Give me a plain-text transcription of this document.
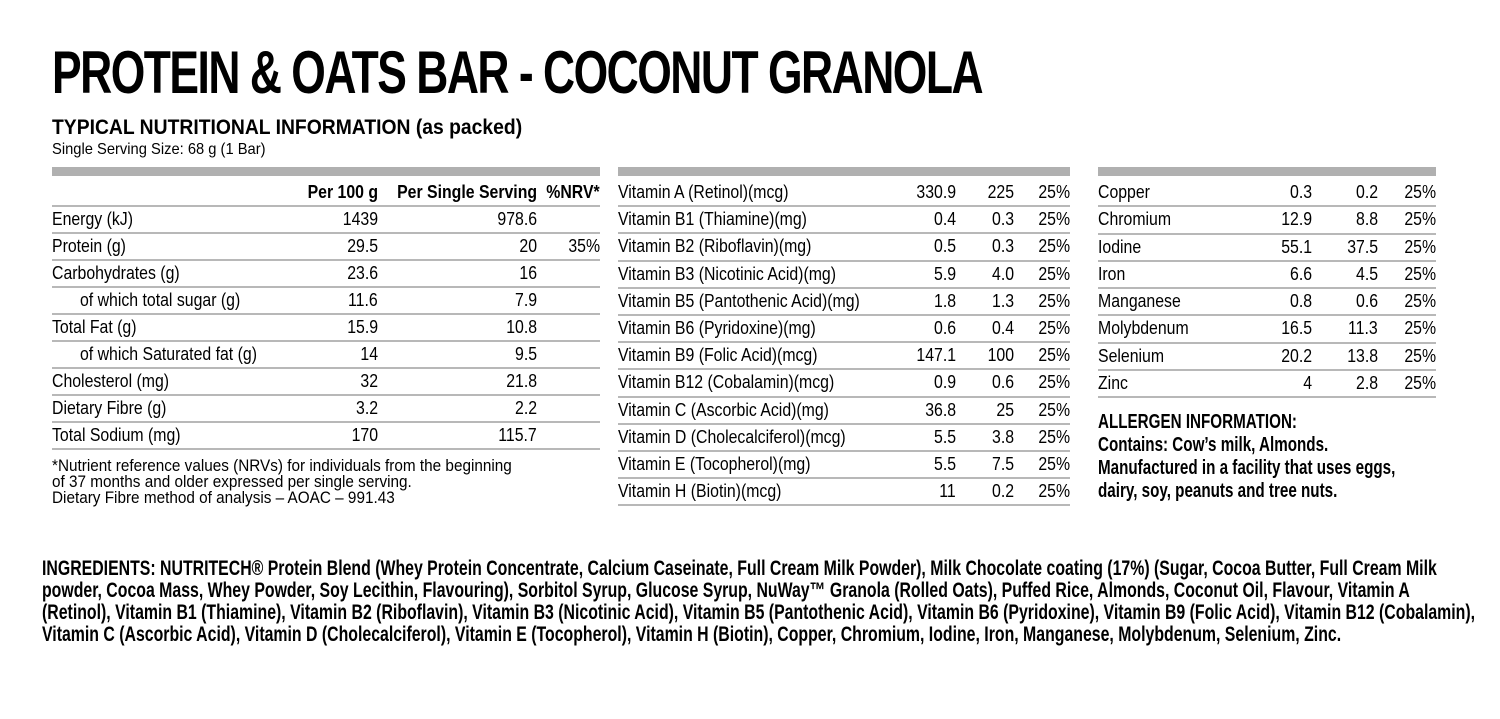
PROTEIN & OATS BAR - COCONUT GRANOLA
TYPICAL NUTRITIONAL INFORMATION (as packed)
Single Serving Size: 68 g (1 Bar)
	Per 100 g	Per Single Serving	%NRV*
Energy (kJ)	1439	978.6	
Protein (g)	29.5	20	35%
Carbohydrates (g)	23.6	16	
of which total sugar (g)	11.6	7.9	
Total Fat (g)	15.9	10.8	
of which Saturated fat (g)	14	9.5	
Cholesterol (mg)	32	21.8	
Dietary Fibre (g)	3.2	2.2	
Total Sodium (mg)	170	115.7	
*Nutrient reference values (NRVs) for individuals from the beginning
of 37 months and older expressed per single serving.
Dietary Fibre method of analysis – AOAC – 991.43
Vitamin A (Retinol)(mcg)	330.9	225	25%
Vitamin B1 (Thiamine)(mg)	0.4	0.3	25%
Vitamin B2 (Riboflavin)(mg)	0.5	0.3	25%
Vitamin B3 (Nicotinic Acid)(mg)	5.9	4.0	25%
Vitamin B5 (Pantothenic Acid)(mg)	1.8	1.3	25%
Vitamin B6 (Pyridoxine)(mg)	0.6	0.4	25%
Vitamin B9 (Folic Acid)(mcg)	147.1	100	25%
Vitamin B12 (Cobalamin)(mcg)	0.9	0.6	25%
Vitamin C (Ascorbic Acid)(mg)	36.8	25	25%
Vitamin D (Cholecalciferol)(mcg)	5.5	3.8	25%
Vitamin E (Tocopherol)(mg)	5.5	7.5	25%
Vitamin H (Biotin)(mcg)	11	0.2	25%
Copper	0.3	0.2	25%
Chromium	12.9	8.8	25%
Iodine	55.1	37.5	25%
Iron	6.6	4.5	25%
Manganese	0.8	0.6	25%
Molybdenum	16.5	11.3	25%
Selenium	20.2	13.8	25%
Zinc	4	2.8	25%
ALLERGEN INFORMATION:
Contains: Cow’s milk, Almonds.
Manufactured in a facility that uses eggs,
dairy, soy, peanuts and tree nuts.
INGREDIENTS: NUTRITECH® Protein Blend (Whey Protein Concentrate, Calcium Caseinate, Full Cream Milk Powder), Milk Chocolate coating (17%) (Sugar, Cocoa Butter, Full Cream Milk powder, Cocoa Mass, Whey Powder, Soy Lecithin, Flavouring), Sorbitol Syrup, Glucose Syrup, NuWay™ Granola (Rolled Oats), Puffed Rice, Almonds, Coconut Oil, Flavour, Vitamin A (Retinol), Vitamin B1 (Thiamine), Vitamin B2 (Riboflavin), Vitamin B3 (Nicotinic Acid), Vitamin B5 (Pantothenic Acid), Vitamin B6 (Pyridoxine), Vitamin B9 (Folic Acid), Vitamin B12 (Cobalamin), Vitamin C (Ascorbic Acid), Vitamin D (Cholecalciferol), Vitamin E (Tocopherol), Vitamin H (Biotin), Copper, Chromium, Iodine, Iron, Manganese, Molybdenum, Selenium, Zinc.
